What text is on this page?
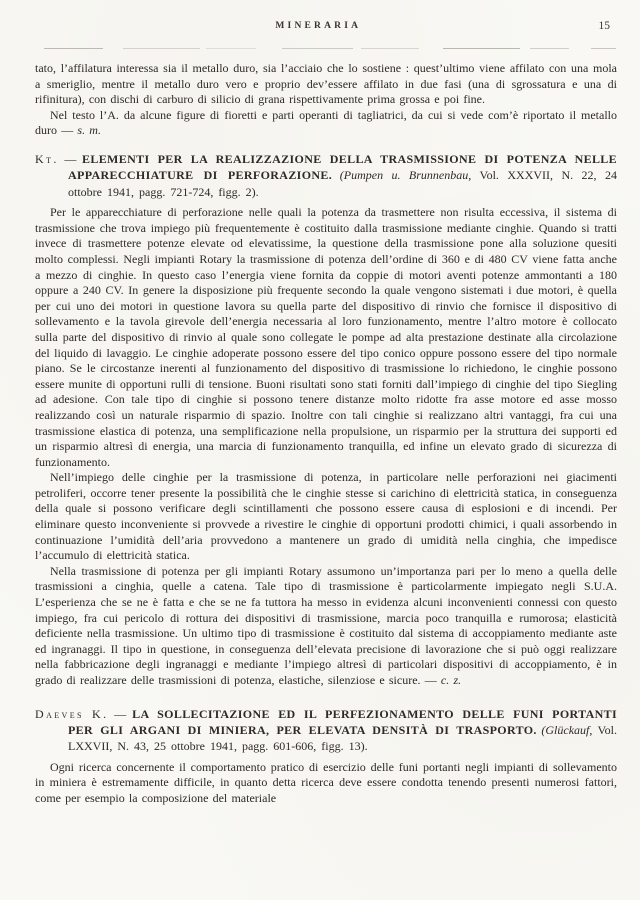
MINERARIA	15

tato, l’affilatura interessa sia il metallo duro, sia l’acciaio che lo sostiene : quest’ultimo viene affilato con una mola a smeriglio, mentre il metallo duro vero e proprio dev’essere affilato in due fasi (una di sgrossatura e una di rifinitura), con dischi di carburo di silicio di grana rispettivamente prima grossa e poi fine.

Nel testo l’A. da alcune figure di fioretti e parti operanti di tagliatrici, da cui si vede com’è riportato il metallo duro — s. m.

Kt. — ELEMENTI PER LA REALIZZAZIONE DELLA TRASMISSIONE DI POTENZA NELLE APPARECCHIATURE DI PERFORAZIONE. (Pumpen u. Brunnenbau, Vol. XXXVII, N. 22, 24 ottobre 1941, pagg. 721-724, figg. 2).

Per le apparecchiature di perforazione nelle quali la potenza da trasmettere non risulta eccessiva, il sistema di trasmissione che trova impiego più frequentemente è costituito dalla trasmissione mediante cinghie. Quando si tratti invece di trasmettere potenze elevate od elevatissime, la questione della trasmissione pone alla soluzione quesiti molto complessi. Negli impianti Rotary la trasmissione di potenza dell’ordine di 360 e di 480 CV viene fatta anche a mezzo di cinghie. In questo caso l’energia viene fornita da coppie di motori aventi potenze ammontanti a 180 oppure a 240 CV. In genere la disposizione più frequente secondo la quale vengono sistemati i due motori, è quella per cui uno dei motori in questione lavora su quella parte del dispositivo di rinvio che fornisce il dispositivo di sollevamento e la tavola girevole dell’energia necessaria al loro funzionamento, mentre l’altro motore è collocato sulla parte del dispositivo di rinvio al quale sono collegate le pompe ad alta prestazione destinate alla circolazione del liquido di lavaggio. Le cinghie adoperate possono essere del tipo conico oppure possono essere del tipo normale piano. Se le circostanze inerenti al funzionamento del dispositivo di trasmissione lo richiedono, le cinghie possono essere munite di opportuni rulli di tensione. Buoni risultati sono stati forniti dall’impiego di cinghie del tipo Siegling ad adesione. Con tale tipo di cinghie si possono tenere distanze molto ridotte fra asse motore ed asse mosso realizzando così un naturale risparmio di spazio. Inoltre con tali cinghie si realizzano altri vantaggi, fra cui una trasmissione elastica di potenza, una semplificazione nella propulsione, un risparmio per la struttura dei supporti ed un risparmio altresì di energia, una marcia di funzionamento tranquilla, ed infine un elevato grado di sicurezza di funzionamento.

Nell’impiego delle cinghie per la trasmissione di potenza, in particolare nelle perforazioni nei giacimenti petroliferi, occorre tener presente la possibilità che le cinghie stesse si carichino di elettricità statica, in conseguenza della quale si possono verificare degli scintillamenti che possono essere causa di esplosioni e di incendi. Per eliminare questo inconveniente si provvede a rivestire le cinghie di opportuni prodotti chimici, i quali assorbendo in continuazione l’umidità dell’aria provvedono a mantenere un grado di umidità nella cinghia, che impedisce l’accumulo di elettricità statica.

Nella trasmissione di potenza per gli impianti Rotary assumono un’importanza pari per lo meno a quella delle trasmissioni a cinghia, quelle a catena. Tale tipo di trasmissione è particolarmente impiegato negli S.U.A. L’esperienza che se ne è fatta e che se ne fa tuttora ha messo in evidenza alcuni inconvenienti connessi con questo impiego, fra cui pericolo di rottura dei dispositivi di trasmissione, marcia poco tranquilla e rumorosa; elasticità deficiente nella trasmissione. Un ultimo tipo di trasmissione è costituito dal sistema di accoppiamento mediante aste ed ingranaggi. Il tipo in questione, in conseguenza dell’elevata precisione di lavorazione che si può oggi realizzare nella fabbricazione degli ingranaggi e mediante l’impiego altresì di particolari dispositivi di accoppiamento, è in grado di realizzare delle trasmissioni di potenza, elastiche, silenziose e sicure. — c. z.

Daeves K. — LA SOLLECITAZIONE ED IL PERFEZIONAMENTO DELLE FUNI PORTANTI PER GLI ARGANI DI MINIERA, PER ELEVATA DENSITÀ DI TRASPORTO. (Glückauf, Vol. LXXVII, N. 43, 25 ottobre 1941, pagg. 601-606, figg. 13).

Ogni ricerca concernente il comportamento pratico di esercizio delle funi portanti negli impianti di sollevamento in miniera è estremamente difficile, in quanto detta ricerca deve essere condotta tenendo presenti numerosi fattori, come per esempio la composizione del materiale
